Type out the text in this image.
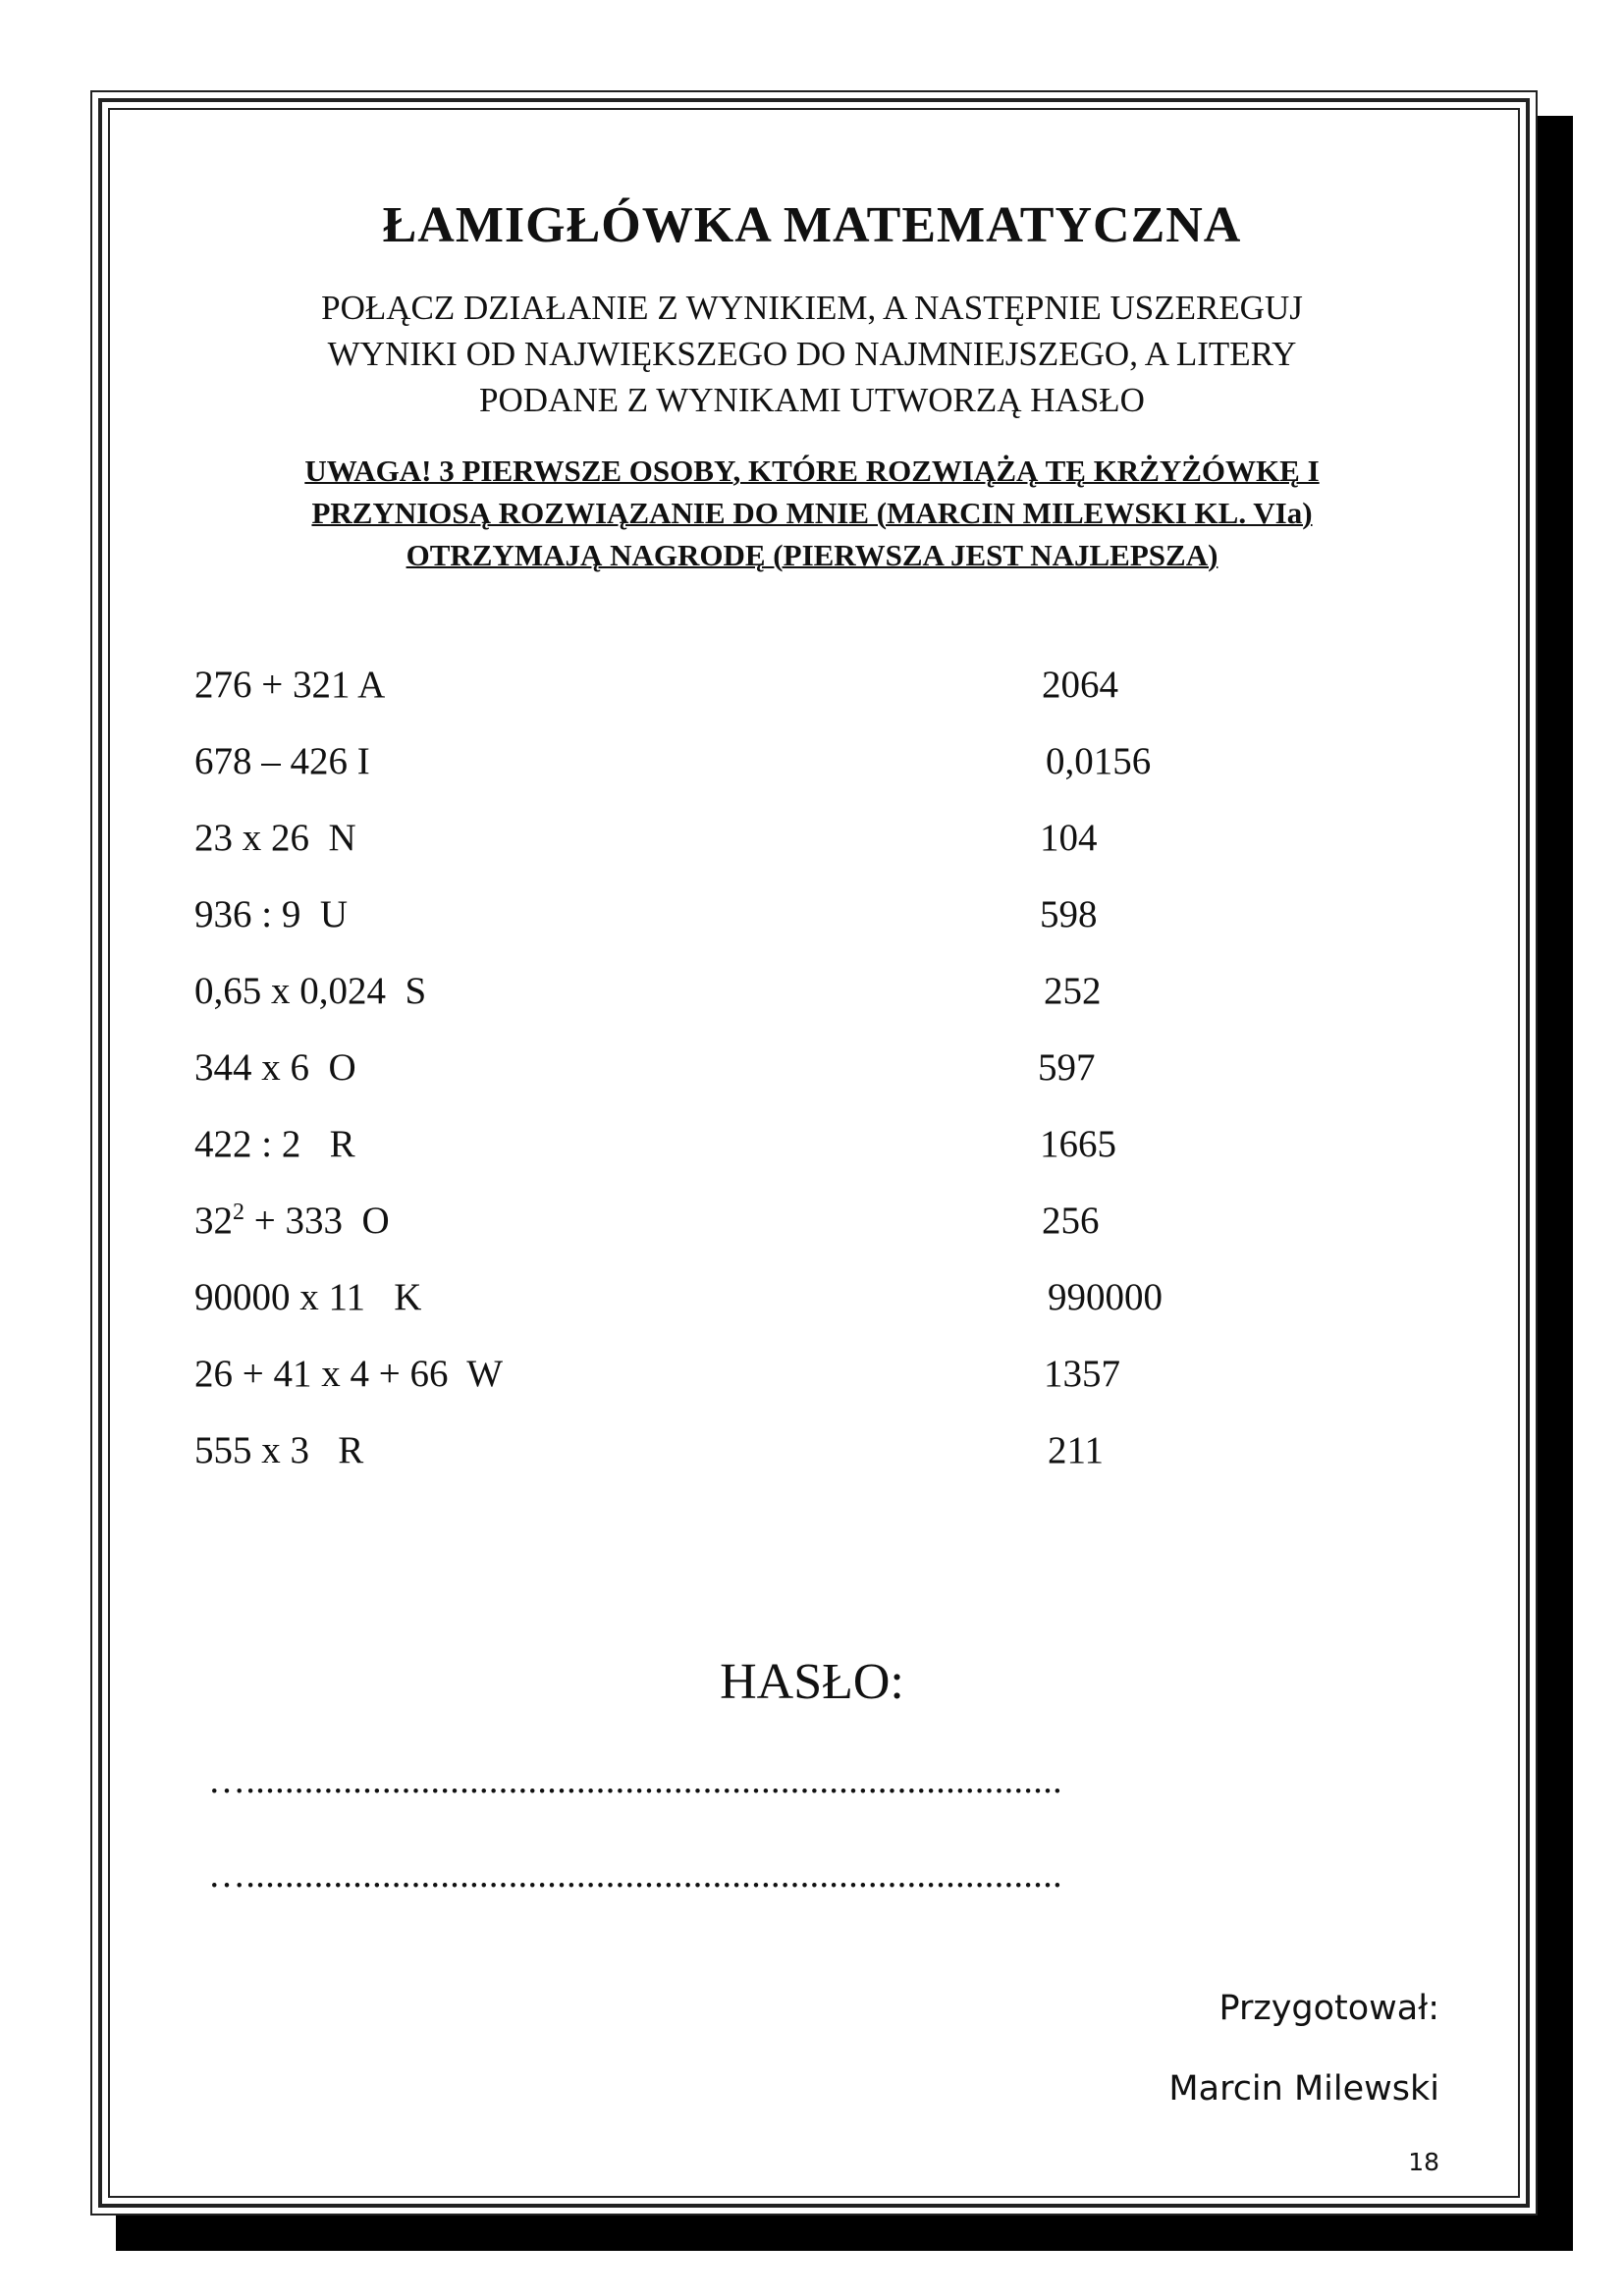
ŁAMIGŁÓWKA MATEMATYCZNA
POŁĄCZ DZIAŁANIE Z WYNIKIEM, A NASTĘPNIE USZEREGUJ
WYNIKI OD NAJWIĘKSZEGO DO NAJMNIEJSZEGO, A LITERY
PODANE Z WYNIKAMI UTWORZĄ HASŁO
UWAGA! 3 PIERWSZE OSOBY, KTÓRE ROZWIĄŻĄ TĘ KRŻYŻÓWKĘ I
PRZYNIOSĄ ROZWIĄZANIE DO MNIE (MARCIN MILEWSKI KL. VIa)
OTRZYMAJĄ NAGRODĘ (PIERWSZA JEST NAJLEPSZA)
276 + 321 A	2064
678 – 426 I	0,0156
23 x 26  N	104
936 : 9  U	598
0,65 x 0,024  S	252
344 x 6  O	597
422 : 2   R	1665
$32^2 + 333$  O	256
90000 x 11   K	990000
26 + 41 x 4 + 66  W	1357
555 x 3   R	211
HASŁO:
…....................................................................................
…....................................................................................
Przygotował:
Marcin Milewski
18
